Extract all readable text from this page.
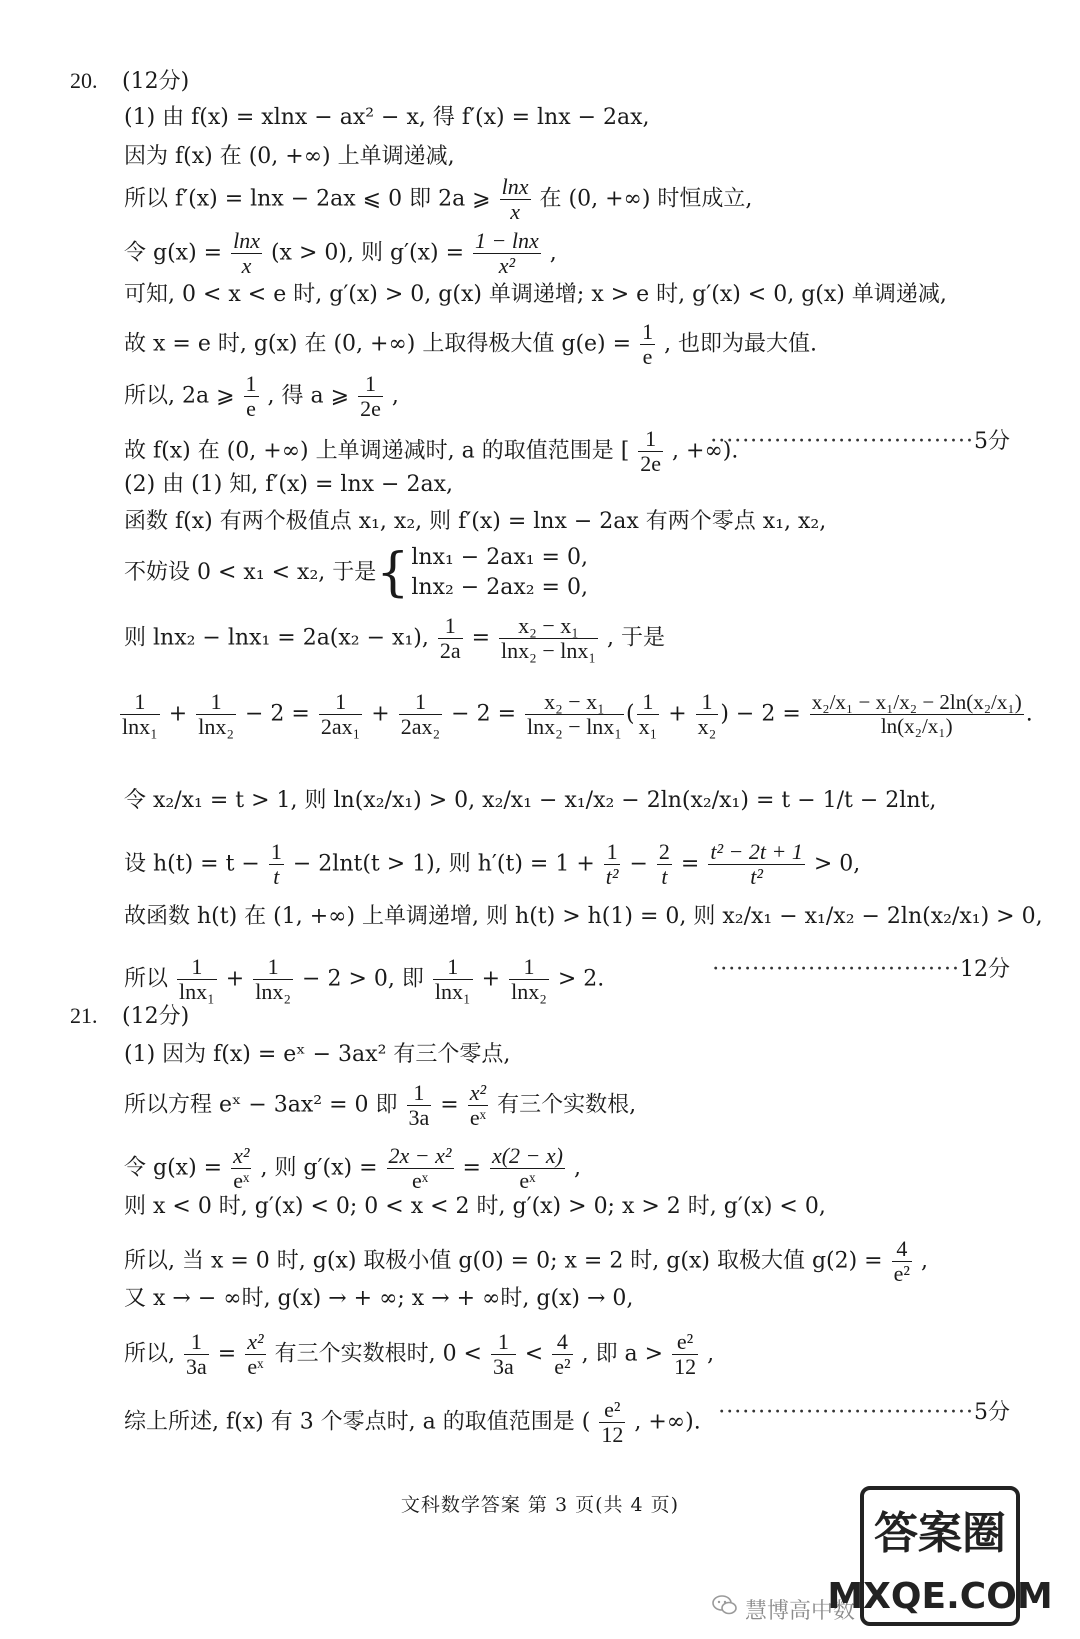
20. (12分)
(1) 由 f(x) = xlnx − ax² − x, 得 f′(x) = lnx − 2ax,
因为 f(x) 在 (0, +∞) 上单调递减,
所以 f′(x) = lnx − 2ax ⩽ 0 即 2a ⩾ $\frac{\ln x}{x}$ 在 (0, +∞) 时恒成立,
令 $g(x) = \frac{\ln x}{x} (x > 0)$, 则 $g'(x) = \frac{1 - \ln x}{\text{x²}}$ ,
可知, 0 < x < e 时, g′(x) > 0, g(x) 单调递增; x > e 时, g′(x) < 0, g(x) 单调递减,
故 x = e 时, g(x) 在 (0, +∞) 上取得极大值 $g(e) = \frac{1}{e}$ , 也即为最大值.
所以, 2a ⩾ $\frac{1}{e}$ , 得 a ⩾ $\frac{1}{2e}$ ,
故 f(x) 在 (0, +∞) 上单调递减时, a 的取值范围是 [ $\frac{1}{2e}$ , +∞).
·································5分
(2) 由 (1) 知, f′(x) = lnx − 2ax,
函数 f(x) 有两个极值点 x₁, x₂, 则 f′(x) = lnx − 2ax 有两个零点 x₁, x₂,
不妨设 0 < x₁ < x₂, 于是{ lnx₁ − 2ax₁ = 0,
lnx₂ − 2ax₂ = 0,
则 lnx₂ − lnx₁ = 2a(x₂ − x₁), $\frac{1}{2a} = \frac{\text{x₂ − x₁}}{\text{lnx₂ − lnx₁}}$ , 于是
$\frac{1}{\text{lnx₁}} + \frac{1}{\text{lnx₂}} - 2 = \frac{1}{\text{2ax₁}} + \frac{1}{\text{2ax₂}} - 2 = \frac{\text{x₂ − x₁}}{\text{lnx₂ − lnx₁}}$ ( $\frac{1}{\text{x₁}} + \frac{1}{\text{x₂}}$ ) − $2 = \frac{\text{x₂/x₁ − x₁/x₂ − 2ln(x₂/x₁)}}{\text{ln(x₂/x₁)}}$ .
令 x₂/x₁ = t > 1, 则 ln(x₂/x₁) > 0, x₂/x₁ − x₁/x₂ − 2ln(x₂/x₁) = t − 1/t − 2lnt,
设 $h(t) = t - \frac{1}{t} - 2\ln t(t > 1)$, 则 $h'(t) = 1 + \frac{1}{\text{t²}} - \frac{2}{t} = \frac{\text{t² − 2t + 1}}{\text{t²}} > 0$,
故函数 h(t) 在 (1, +∞) 上单调递增, 则 h(t) > h(1) = 0, 则 x₂/x₁ − x₁/x₂ − 2ln(x₂/x₁) > 0,
所以 $\frac{1}{\text{lnx₁}} + \frac{1}{\text{lnx₂}} - 2 > 0$, 即 $\frac{1}{\text{lnx₁}} + \frac{1}{\text{lnx₂}} > 2$.	·······························12分
21. (12分)
(1) 因为 f(x) = eˣ − 3ax² 有三个零点,
所以方程 eˣ − 3ax² = 0 即 $\frac{1}{3a} = \frac{\text{x²}}{\text{eˣ}}$ 有三个实数根,
令 $g(x) = \frac{\text{x²}}{\text{eˣ}}$ , 则 $g'(x) = \frac{\text{2x − x²}}{\text{eˣ}} = \frac{x(2 - x)}{\text{eˣ}}$ ,
则 x < 0 时, g′(x) < 0; 0 < x < 2 时, g′(x) > 0; x > 2 时, g′(x) < 0,
所以, 当 x = 0 时, g(x) 取极小值 g(0) = 0; x = 2 时, g(x) 取极大值 $g(2) = \frac{4}{\text{e²}}$ ,
又 x → − ∞时, g(x) → + ∞; x → + ∞时, g(x) → 0,
所以, $\frac{1}{3a} = \frac{\text{x²}}{\text{eˣ}}$ 有三个实数根时, $0 < \frac{1}{3a} < \frac{4}{\text{e²}}$ , 即 $a > \frac{\text{e²}}{12}$ ,
综上所述, f(x) 有 3 个零点时, a 的取值范围是 ( $\frac{\text{e²}}{12}$ , +∞). ································5分
文科数学答案 第 3 页(共 4 页)
慧博高中数
答案圈
MXQE.COM
